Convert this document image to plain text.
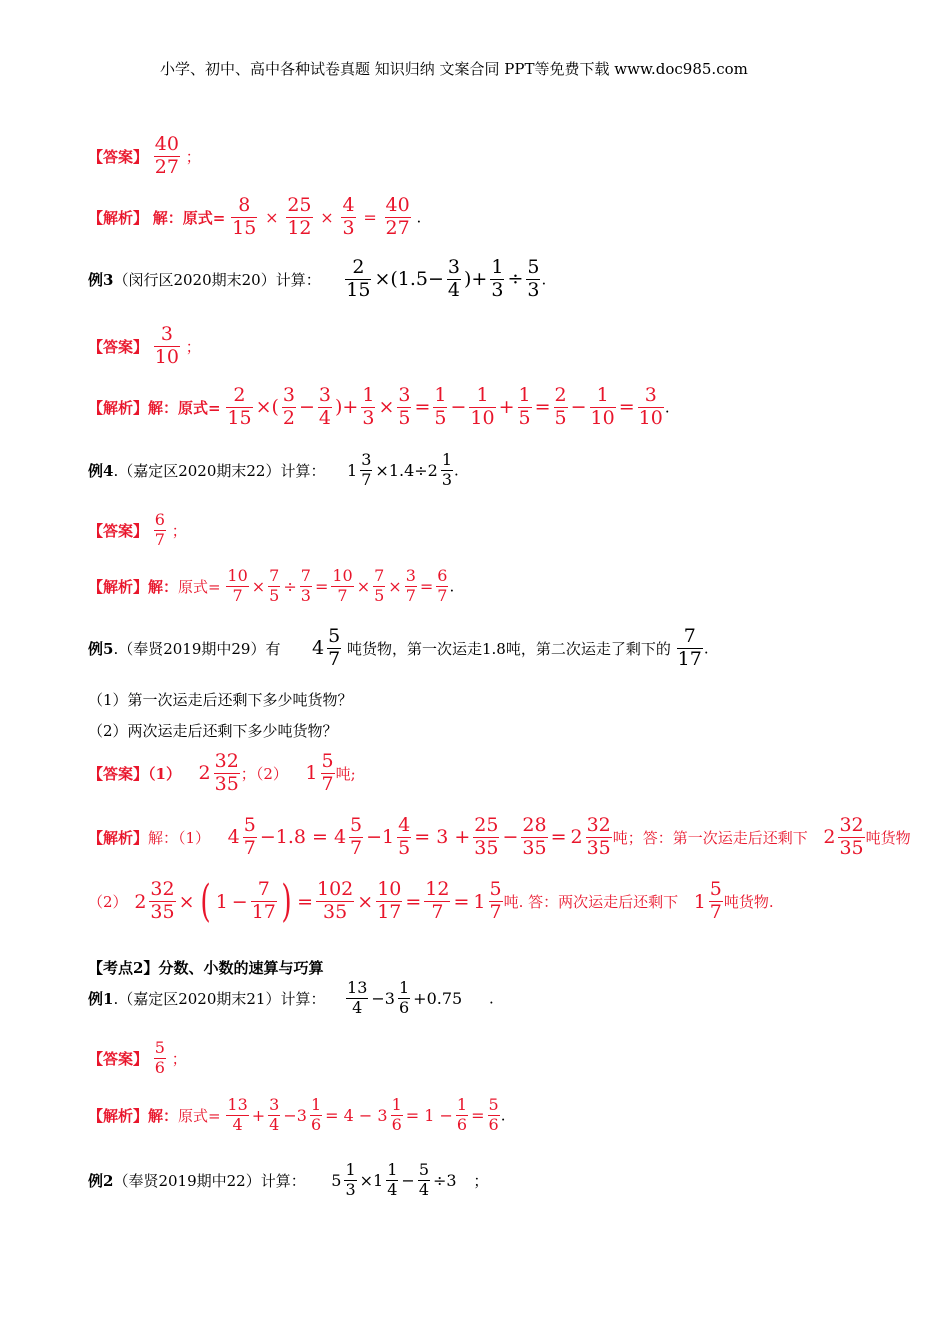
小学、初中、高中各种试卷真题 知识归纳 文案合同 PPT等免费下载 www.doc985.com
【答案】 $\frac{40}{27}$ ；
【解析】 解：原式= $\frac{8}{15} \times \frac{25}{12} \times \frac{4}{3} = \frac{40}{27}$ .
例3（闵行区2020期末20）计算： $\frac{2}{15} \times(1.5- \frac{3}{4}$ )+ $\frac{1}{3} \div \frac{5}{3}$ .
【答案】 $\frac{3}{10}$ ；
【解析】解：原式= $\frac{2}{15}$ ×( $\frac{3}{2} - \frac{3}{4}$ )+ $\frac{1}{3} \times \frac{3}{5} = \frac{1}{5} - \frac{1}{10} + \frac{1}{5} = \frac{2}{5} - \frac{1}{10} = \frac{3}{10}$ .
例4.（嘉定区2020期末22）计算： $1 \frac{3}{7} \times 1.4\div 2 \frac{1}{3}$ .
【答案】 $\frac{6}{7}$ ；
【解析】解：原式= $\frac{10}{7} \times \frac{7}{5} \div \frac{7}{3} = \frac{10}{7} \times \frac{7}{5} \times \frac{3}{7} = \frac{6}{7}$ .
例5.（奉贤2019期中29）有 $4 \frac{5}{7}$ 吨货物，第一次运走1.8吨，第二次运走了剩下的 $\frac{7}{17}$ .
（1）第一次运走后还剩下多少吨货物？
（2）两次运走后还剩下多少吨货物？
【答案】（1） $2 \frac{32}{35}$ ；（2） $1 \frac{5}{7}$ 吨;
【解析】解：（1） $4 \frac{5}{7} -1.8 = 4 \frac{5}{7} -1 \frac{4}{5} = 3 + \frac{25}{35} - \frac{28}{35} = 2 \frac{32}{35}$ 吨；答：第一次运走后还剩下 $2 \frac{32}{35}$ 吨货物
（2） $2 \frac{32}{35}$ × ( $1 - \frac{7}{17}$ ) = $\frac{102}{35} \times \frac{10}{17} = \frac{12}{7} = 1 \frac{5}{7}$ 吨. 答：两次运走后还剩下 $1 \frac{5}{7}$ 吨货物.
【考点2】分数、小数的速算与巧算
例1.（嘉定区2020期末21）计算： $\frac{13}{4} -3 \frac{1}{6} +0.75$ .
【答案】 $\frac{5}{6}$ ；
【解析】解：原式= $\frac{13}{4} + \frac{3}{4} -3 \frac{1}{6} = 4 - 3 \frac{1}{6} = 1 - \frac{1}{6} = \frac{5}{6}$ .
例2（奉贤2019期中22）计算： $5 \frac{1}{3} \times 1 \frac{1}{4} - \frac{5}{4} \div 3$ ；
